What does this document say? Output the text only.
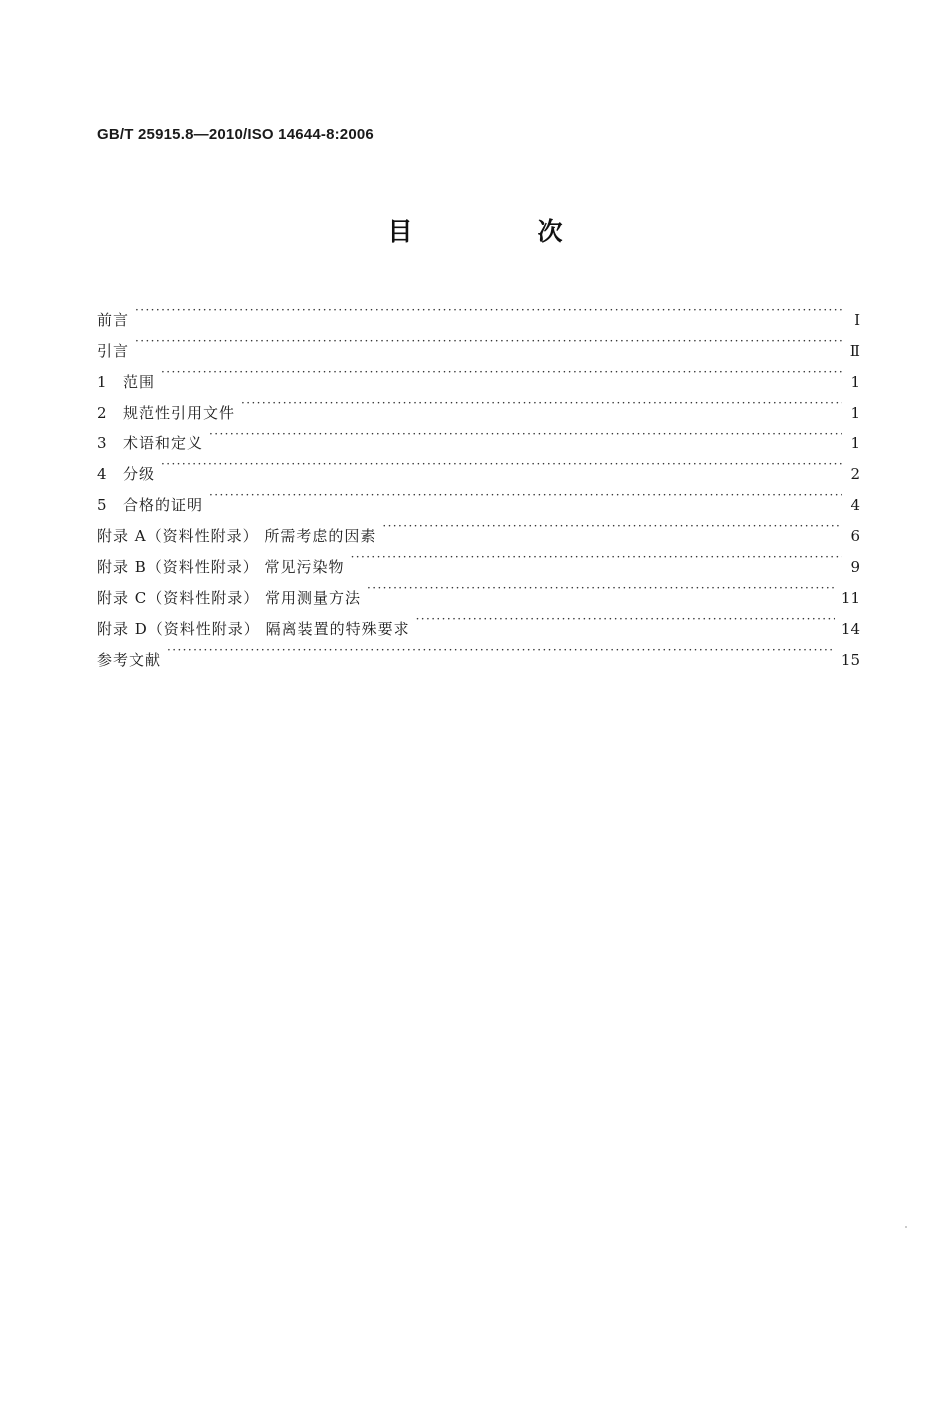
GB/T 25915.8—2010/ISO 14644-8:2006
目　次
前言 ·····	Ⅰ
引言 ·····	Ⅱ
1 范围 ·····	1
2 规范性引用文件 ·····	1
3 术语和定义 ·····	1
4 分级 ·····	2
5 合格的证明 ·····	4
附录 A（资料性附录） 所需考虑的因素 ·····	6
附录 B（资料性附录） 常见污染物 ·····	9
附录 C（资料性附录） 常用测量方法 ·····	11
附录 D（资料性附录） 隔离装置的特殊要求 ·····	14
参考文献 ·····	15
